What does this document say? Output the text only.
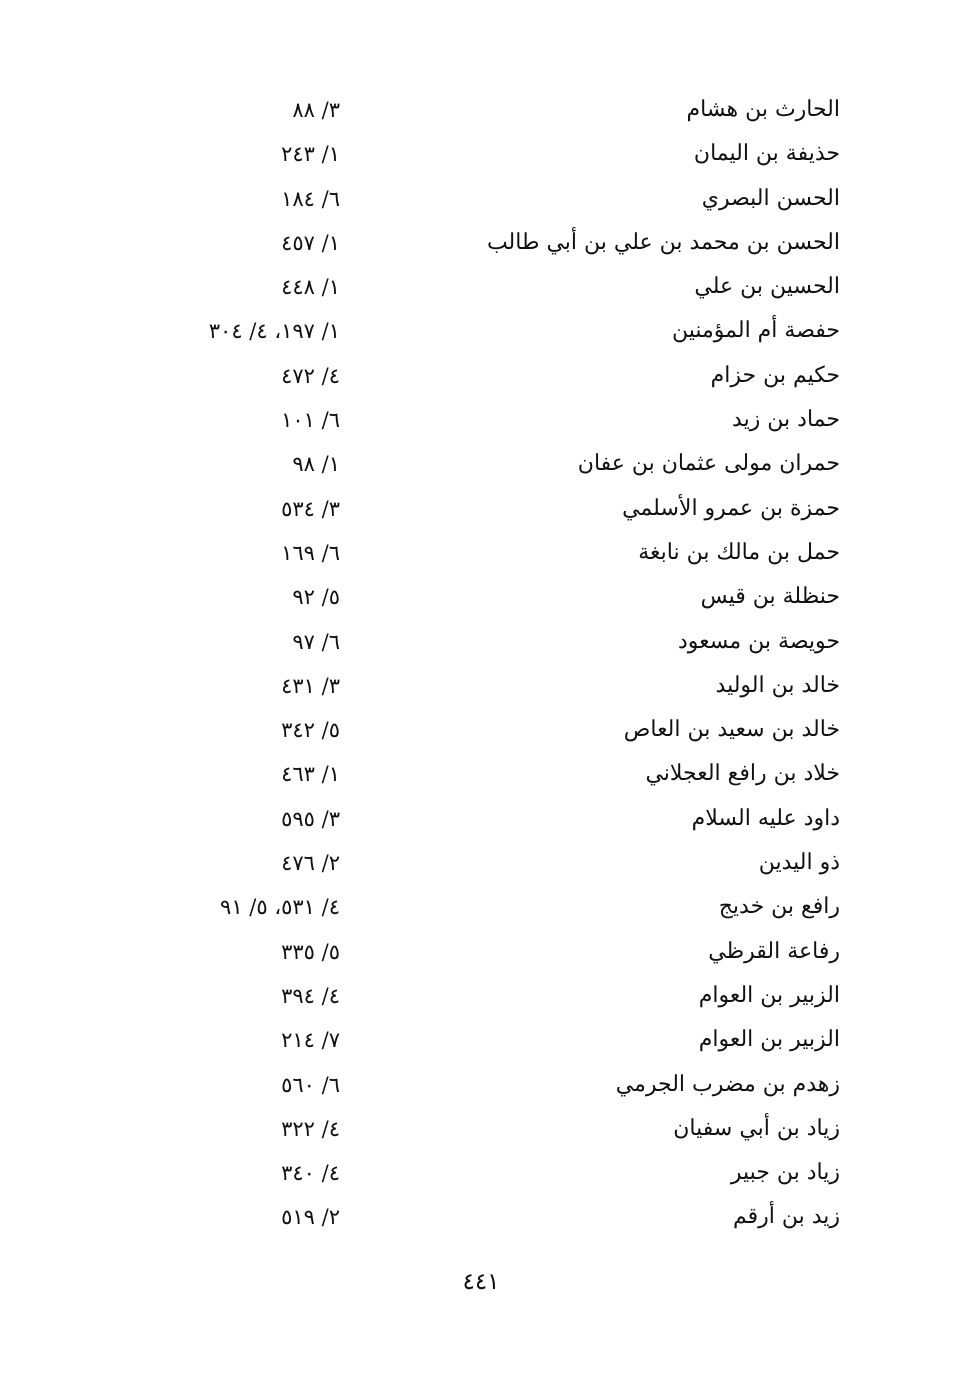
الحارث بن هشام
٣/ ٨٨
حذيفة بن اليمان
١/ ٢٤٣
الحسن البصري
٦/ ١٨٤
الحسن بن محمد بن علي بن أبي طالب
١/ ٤٥٧
الحسين بن علي
١/ ٤٤٨
حفصة أم المؤمنين
١/ ١٩٧، ٤/ ٣٠٤
حكيم بن حزام
٤/ ٤٧٢
حماد بن زيد
٦/ ١٠١
حمران مولى عثمان بن عفان
١/ ٩٨
حمزة بن عمرو الأسلمي
٣/ ٥٣٤
حمل بن مالك بن نابغة
٦/ ١٦٩
حنظلة بن قيس
٥/ ٩٢
حويصة بن مسعود
٦/ ٩٧
خالد بن الوليد
٣/ ٤٣١
خالد بن سعيد بن العاص
٥/ ٣٤٢
خلاد بن رافع العجلاني
١/ ٤٦٣
داود عليه السلام
٣/ ٥٩٥
ذو اليدين
٢/ ٤٧٦
رافع بن خديج
٤/ ٥٣١، ٥/ ٩١
رفاعة القرظي
٥/ ٣٣٥
الزبير بن العوام
٤/ ٣٩٤
الزبير بن العوام
٧/ ٢١٤
زهدم بن مضرب الجرمي
٦/ ٥٦٠
زياد بن أبي سفيان
٤/ ٣٢٢
زياد بن جبير
٤/ ٣٤٠
زيد بن أرقم
٢/ ٥١٩
٤٤١
